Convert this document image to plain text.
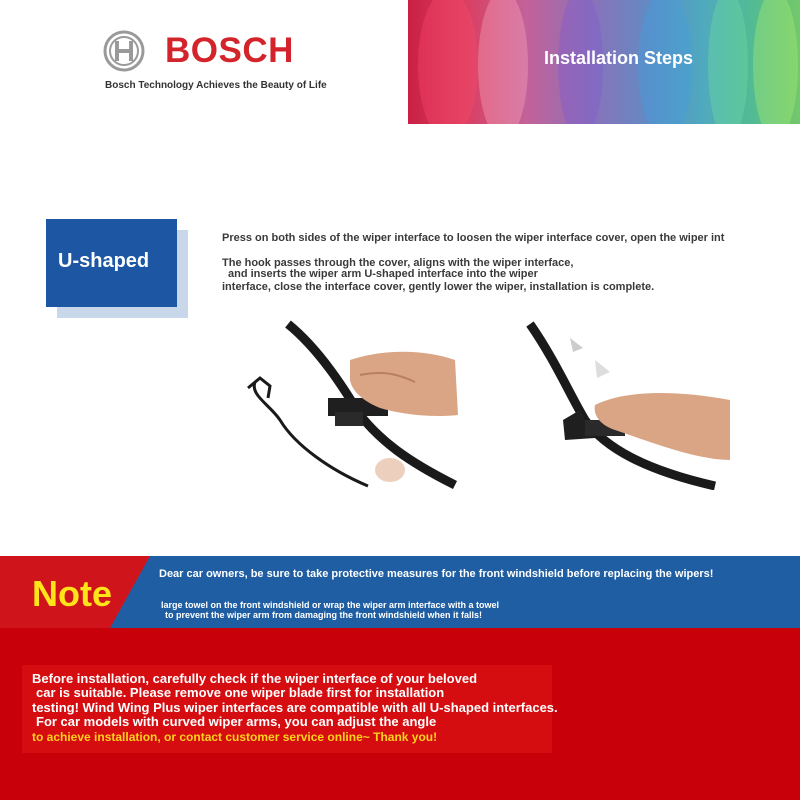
BOSCH
Bosch Technology Achieves the Beauty of Life
Installation Steps
U-shaped
Press on both sides of the wiper interface to loosen the wiper interface cover, open the wiper int
The hook passes through the cover, aligns with the wiper interface,
and inserts the wiper arm U-shaped interface into the wiper
interface, close the interface cover, gently lower the wiper, installation is complete.
Note	Dear car owners, be sure to take protective measures for the front windshield before replacing the wipers!
large towel on the front windshield or wrap the wiper arm interface with a towel
to prevent the wiper arm from damaging the front windshield when it falls!
Before installation, carefully check if the wiper interface of your beloved
car is suitable. Please remove one wiper blade first for installation
testing! Wind Wing Plus wiper interfaces are compatible with all U-shaped interfaces.
For car models with curved wiper arms, you can adjust the angle
to achieve installation, or contact customer service online~ Thank you!
